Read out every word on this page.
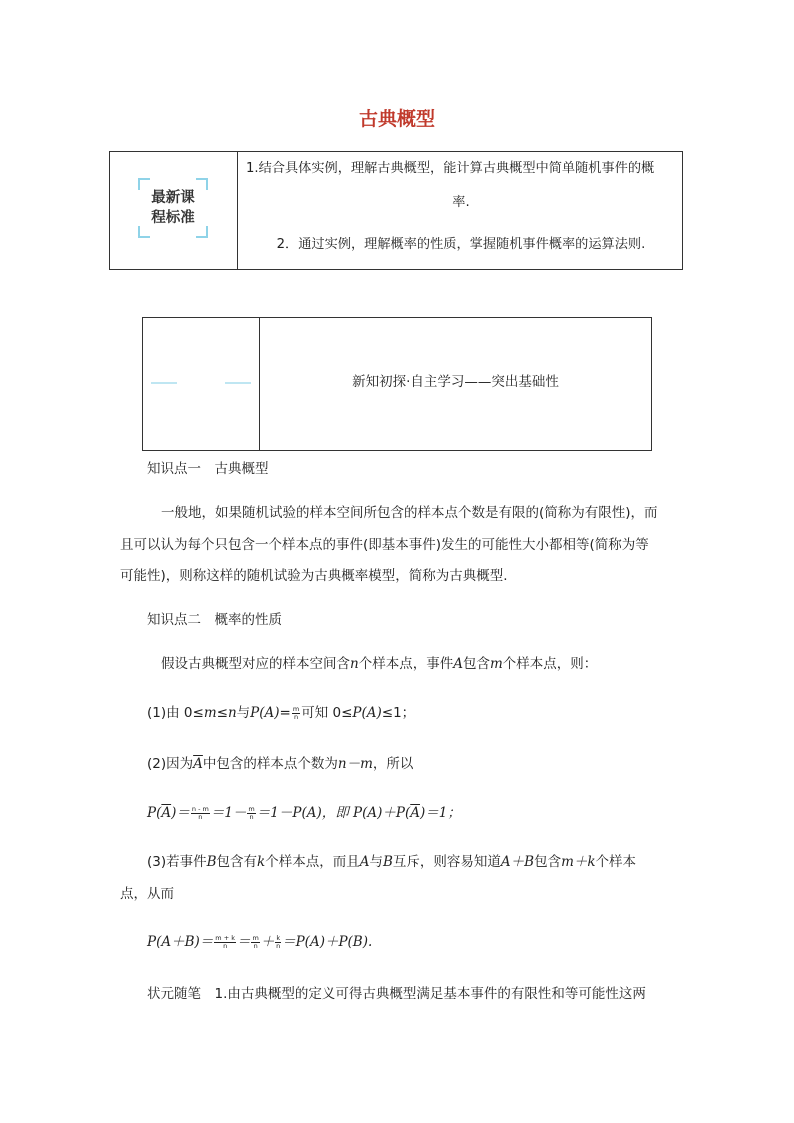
古典概型
最新课
程标准
1.结合具体实例，理解古典概型，能计算古典概型中简单随机事件的概
率.
2．通过实例，理解概率的性质，掌握随机事件概率的运算法则.
新知初探·自主学习——突出基础性
知识点一　古典概型
一般地，如果随机试验的样本空间所包含的样本点个数是有限的(简称为有限性)，而
且可以认为每个只包含一个样本点的事件(即基本事件)发生的可能性大小都相等(简称为等
可能性)，则称这样的随机试验为古典概率模型，简称为古典概型.
知识点二　概率的性质
假设古典概型对应的样本空间含n个样本点，事件A包含m个样本点，则：
(1)由 0≤m≤n与$P(A)= \frac{m}{n}$ 可知 0≤P(A)≤1；
(2)因为$\overline{A}$中包含的样本点个数为n－m，所以
$P(\overline{A})= \frac{n - m}{n} =1- \frac{m}{n} =1-P(A)$，即 $P(A)+P(\overline{A})=1$；
(3)若事件B包含有k个样本点，而且A与B互斥，则容易知道A＋B包含m＋k个样本
点，从而
$P(A+B)= \frac{m + k}{n} = \frac{m}{n} + \frac{k}{n} =P(A)+P(B)$.
状元随笔　1.由古典概型的定义可得古典概型满足基本事件的有限性和等可能性这两
